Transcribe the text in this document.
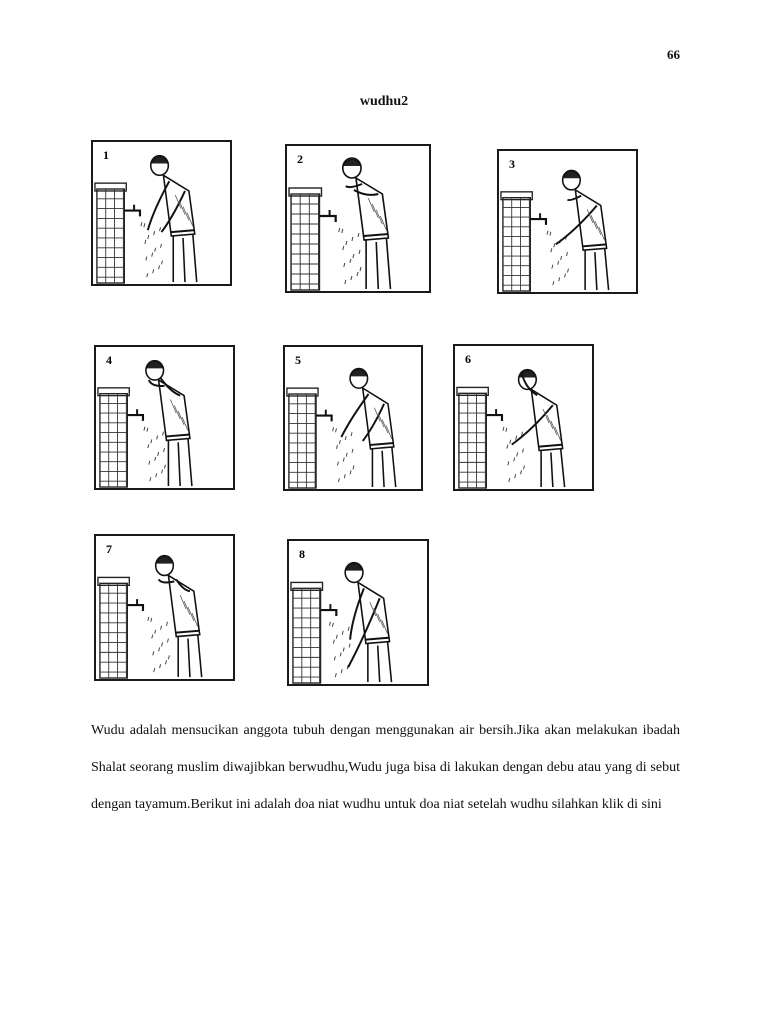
66
wudhu2
1	2	3
4	5	6
7	8

Wudu adalah mensucikan anggota tubuh dengan menggunakan air bersih.Jika akan melakukan ibadah Shalat seorang muslim diwajibkan berwudhu,Wudu juga bisa di lakukan dengan debu atau yang di sebut dengan tayamum.Berikut ini adalah doa niat wudhu untuk doa niat setelah wudhu silahkan klik di sini
